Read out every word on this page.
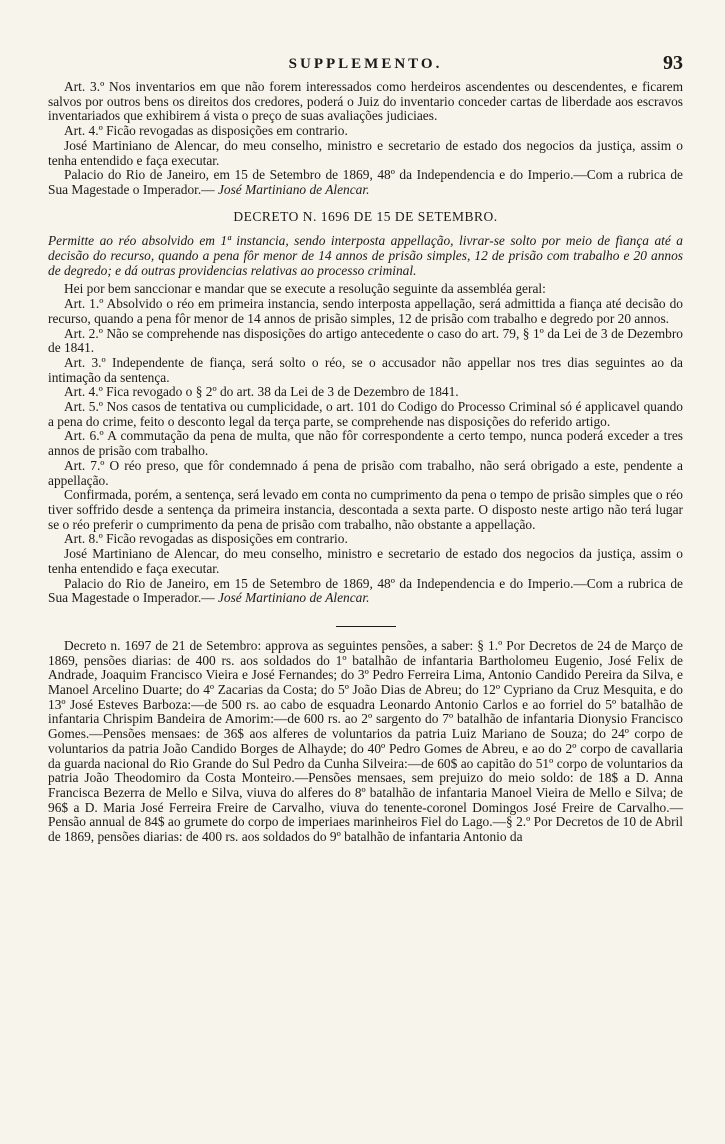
SUPPLEMENTO.	93

Art. 3.º Nos inventarios em que não forem interessados como herdeiros ascendentes ou descendentes, e ficarem salvos por outros bens os direitos dos credores, poderá o Juiz do inventario conceder cartas de liberdade aos escravos inventariados que exhibirem á vista o preço de suas avaliações judiciaes.

Art. 4.º Ficão revogadas as disposições em contrario.

José Martiniano de Alencar, do meu conselho, ministro e secretario de estado dos negocios da justiça, assim o tenha entendido e faça executar.

Palacio do Rio de Janeiro, em 15 de Setembro de 1869, 48º da Independencia e do Imperio.—Com a rubrica de Sua Magestade o Imperador.— José Martiniano de Alencar.

DECRETO N. 1696 DE 15 DE SETEMBRO.

Permitte ao réo absolvido em 1ª instancia, sendo interposta appellação, livrar-se solto por meio de fiança até a decisão do recurso, quando a pena fôr menor de 14 annos de prisão simples, 12 de prisão com trabalho e 20 annos de degredo; e dá outras providencias relativas ao processo criminal.

Hei por bem sanccionar e mandar que se execute a resolução seguinte da assembléa geral:

Art. 1.º Absolvido o réo em primeira instancia, sendo interposta appellação, será admittida a fiança até decisão do recurso, quando a pena fôr menor de 14 annos de prisão simples, 12 de prisão com trabalho e degredo por 20 annos.

Art. 2.º Não se comprehende nas disposições do artigo antecedente o caso do art. 79, § 1º da Lei de 3 de Dezembro de 1841.

Art. 3.º Independente de fiança, será solto o réo, se o accusador não appellar nos tres dias seguintes ao da intimação da sentença.

Art. 4.º Fica revogado o § 2º do art. 38 da Lei de 3 de Dezembro de 1841.

Art. 5.º Nos casos de tentativa ou cumplicidade, o art. 101 do Codigo do Processo Criminal só é applicavel quando a pena do crime, feito o desconto legal da terça parte, se comprehende nas disposições do referido artigo.

Art. 6.º A commutação da pena de multa, que não fôr correspondente a certo tempo, nunca poderá exceder a tres annos de prisão com trabalho.

Art. 7.º O réo preso, que fôr condemnado á pena de prisão com trabalho, não será obrigado a este, pendente a appellação.

Confirmada, porém, a sentença, será levado em conta no cumprimento da pena o tempo de prisão simples que o réo tiver soffrido desde a sentença da primeira instancia, descontada a sexta parte. O disposto neste artigo não terá lugar se o réo preferir o cumprimento da pena de prisão com trabalho, não obstante a appellação.

Art. 8.º Ficão revogadas as disposições em contrario.

José Martiniano de Alencar, do meu conselho, ministro e secretario de estado dos negocios da justiça, assim o tenha entendido e faça executar.

Palacio do Rio de Janeiro, em 15 de Setembro de 1869, 48º da Independencia e do Imperio.—Com a rubrica de Sua Magestade o Imperador.— José Martiniano de Alencar.

Decreto n. 1697 de 21 de Setembro: approva as seguintes pensões, a saber: § 1.º Por Decretos de 24 de Março de 1869, pensões diarias: de 400 rs. aos soldados do 1º batalhão de infantaria Bartholomeu Eugenio, José Felix de Andrade, Joaquim Francisco Vieira e José Fernandes; do 3º Pedro Ferreira Lima, Antonio Candido Pereira da Silva, e Manoel Arcelino Duarte; do 4º Zacarias da Costa; do 5º João Dias de Abreu; do 12º Cypriano da Cruz Mesquita, e do 13º José Esteves Barboza:—de 500 rs. ao cabo de esquadra Leonardo Antonio Carlos e ao forriel do 5º batalhão de infantaria Chrispim Bandeira de Amorim:—de 600 rs. ao 2º sargento do 7º batalhão de infantaria Dionysio Francisco Gomes.—Pensões mensaes: de 36$ aos alferes de voluntarios da patria Luiz Mariano de Souza; do 24º corpo de voluntarios da patria João Candido Borges de Alhayde; do 40º Pedro Gomes de Abreu, e ao do 2º corpo de cavallaria da guarda nacional do Rio Grande do Sul Pedro da Cunha Silveira:—de 60$ ao capitão do 51º corpo de voluntarios da patria João Theodomiro da Costa Monteiro.—Pensões mensaes, sem prejuizo do meio soldo: de 18$ a D. Anna Francisca Bezerra de Mello e Silva, viuva do alferes do 8º batalhão de infantaria Manoel Vieira de Mello e Silva; de 96$ a D. Maria José Ferreira Freire de Carvalho, viuva do tenente-coronel Domingos José Freire de Carvalho.—Pensão annual de 84$ ao grumete do corpo de imperiaes marinheiros Fiel do Lago.—§ 2.º Por Decretos de 10 de Abril de 1869, pensões diarias: de 400 rs. aos soldados do 9º batalhão de infantaria Antonio da
